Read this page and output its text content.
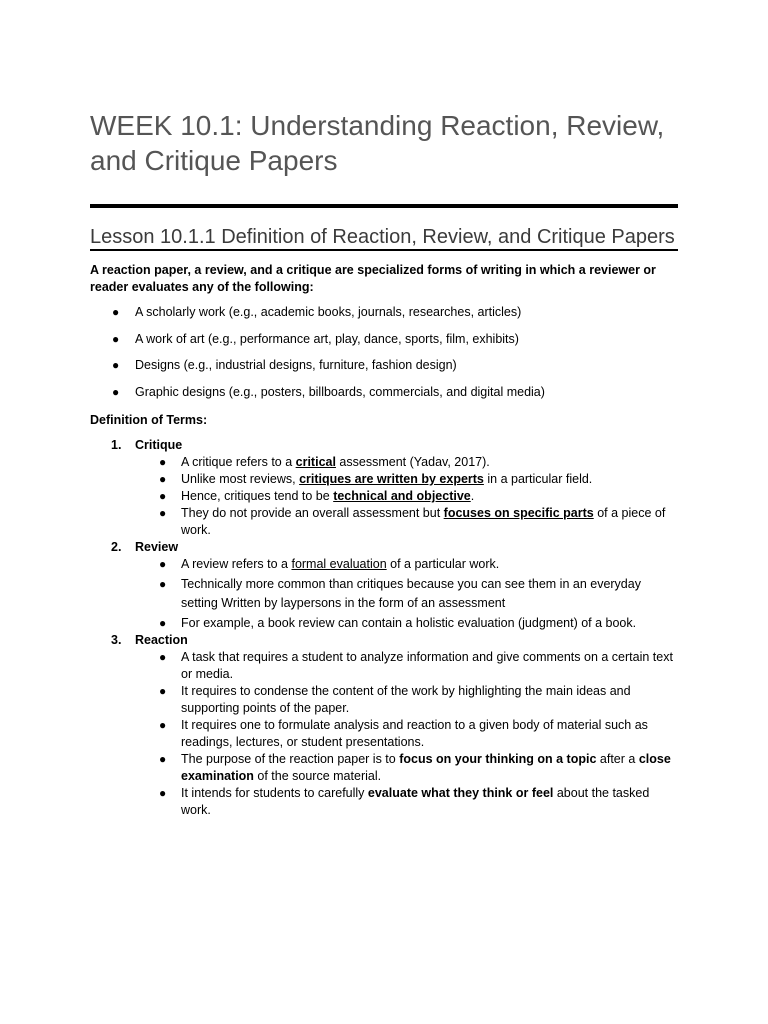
WEEK 10.1: Understanding Reaction, Review, and Critique Papers
Lesson 10.1.1 Definition of Reaction, Review, and Critique Papers

A reaction paper, a review, and a critique are specialized forms of writing in which a reviewer or reader evaluates any of the following:

● A scholarly work (e.g., academic books, journals, researches, articles)
● A work of art (e.g., performance art, play, dance, sports, film, exhibits)
● Designs (e.g., industrial designs, furniture, fashion design)
● Graphic designs (e.g., posters, billboards, commercials, and digital media)

Definition of Terms:

1. Critique
● A critique refers to a critical assessment (Yadav, 2017).
● Unlike most reviews, critiques are written by experts in a particular field.
● Hence, critiques tend to be technical and objective.
● They do not provide an overall assessment but focuses on specific parts of a piece of work.
2. Review
● A review refers to a formal evaluation of a particular work.
● Technically more common than critiques because you can see them in an everyday setting Written by laypersons in the form of an assessment
● For example, a book review can contain a holistic evaluation (judgment) of a book.
3. Reaction
● A task that requires a student to analyze information and give comments on a certain text or media.
● It requires to condense the content of the work by highlighting the main ideas and supporting points of the paper.
● It requires one to formulate analysis and reaction to a given body of material such as readings, lectures, or student presentations.
● The purpose of the reaction paper is to focus on your thinking on a topic after a close examination of the source material.
● It intends for students to carefully evaluate what they think or feel about the tasked work.
